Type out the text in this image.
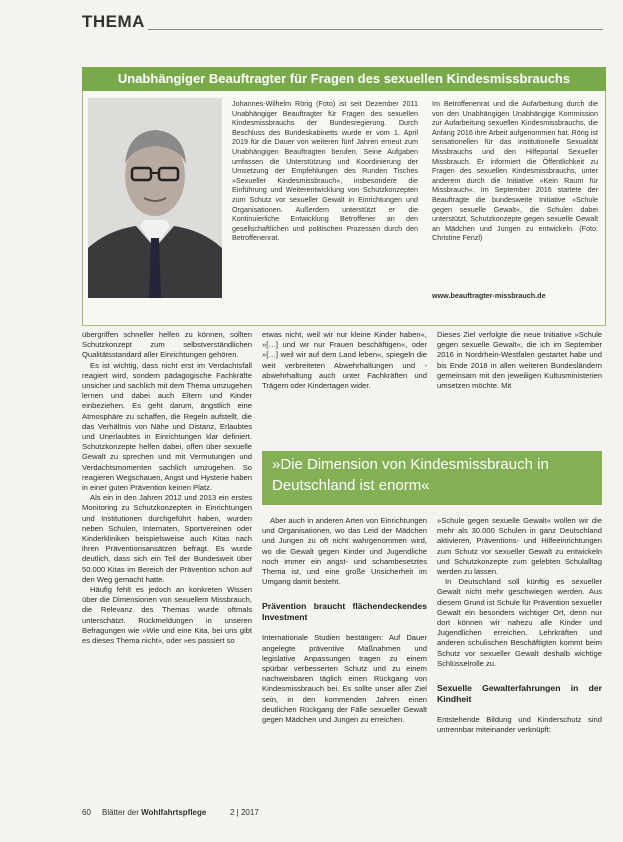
THEMA
Unabhängiger Beauftragter für Fragen des sexuellen Kindesmissbrauchs
Johannes-Wilhelm Rörig (Foto) ist seit Dezember 2011 Unabhängiger Beauftragter für Fragen des sexuellen Kindesmissbrauchs der Bundesregierung. Durch Beschluss des Bundeskabinetts wurde er vom 1. April 2019 für die Dauer von weiteren fünf Jahren erneut zum Unabhängigen Beauftragten berufen. Seine Aufgaben umfassen die Unterstützung und Koordinierung der Umsetzung der Empfehlungen des Runden Tisches »Sexueller Kindesmissbrauch«, insbesondere die Einführung und Weiterentwicklung von Schutzkonzepten zum Schutz vor sexueller Gewalt in Einrichtungen und Organisationen. Außerdem unterstützt er die Kontinuierliche Entwicklung Betroffener an den gesellschaftlichen und politischen Prozessen durch den Betroffenenrat.
Im Betroffenenrat und die Aufarbeitung durch die von den Unabhängigen Unabhängige Kommission zur Aufarbeitung sexuellen Kindesmissbrauchs, die Anfang 2016 ihre Arbeit aufgenommen hat. Rörig ist sensationellen für das institutionelle Sexualität Missbrauchs und den Hilfeportal Sexueller Missbrauch. Er informiert die Öffentlichkeit zu Fragen des sexuellen Kindesmissbrauchs, unter anderem durch die Initiative »Kein Raum für Missbrauch«. Im September 2016 startete der Beauftragte die bundesweite Initiative »Schule gegen sexuelle Gewalt«, die Schulen dabei unterstützt, Schutzkonzepte gegen sexuelle Gewalt an Mädchen und Jungen zu entwickeln. (Foto: Christine Fenzl)
www.beauftragter-missbrauch.de

übergriffen schneller helfen zu können, sollten Schutzkonzept zum selbstverständlichen Qualitätsstandard aller Einrichtungen gehören.

Es ist wichtig, dass nicht erst im Verdachtsfall reagiert wird, sondern pädagogische Fachkräfte unsicher und sachlich mit dem Thema umzugehen lernen und dabei auch Eltern und Kinder einbeziehen. Es geht darum, ängstlich eine Atmosphäre zu schaffen, die Regeln aufstellt, die das Verhältnis von Nähe und Distanz, Erlaubtes und Unerlaubtes in Einrichtungen klar definiert. Schutzkonzepte helfen dabei, offen über sexuelle Gewalt zu sprechen und mit Vermutungen und Verdachtsmomenten sachlich umzugehen. So reagieren Wegschauen, Angst und Hysterie haben in einer guten Prävention keinen Platz.

Als ein in den Jahren 2012 und 2013 ein erstes Monitoring zu Schutzkonzepten in Einrichtungen und Institutionen durchgeführt haben, wurden neben Schulen, Internaten, Sportvereinen oder Kinderkliniken beispielsweise auch Kitas nach ihren Präventionsansätzen befragt. Es wurde deutlich, dass sich ein Teil der Bundesweit über 50.000 Kitas im Bereich der Prävention schon auf den Weg gemacht hatte.

Häufig fehlt es jedoch an konkreten Wissen über die Dimensionen von sexuellem Missbrauch, die Relevanz des Themas wurde oftmals unterschätzt. Rückmeldungen in unseren Befragungen wie »Wie und eine Kita, bei uns gibt es dieses Thema nicht«, oder »es passiert so

etwas nicht, weil wir nur kleine Kinder haben«, »[…] und wir nur Frauen beschäftigen«, oder »[…] weil wir auf dem Land leben«, spiegeln die weit verbreiteten Abwehrhaltungen und -abwehrhaltung auch unter Fachkräften und Trägern oder Kindertagen wider.
Dieses Ziel verfolgte die neue Initiative »Schule gegen sexuelle Gewalt«, die ich im September 2016 in Nordrhein-Westfalen gestartet habe und bis Ende 2018 in allen weiteren Bundesländern gemeinsam mit den jeweiligen Kultusministerien umsetzen möchte. Mit
»Die Dimension von Kindesmissbrauch in Deutschland ist enorm«

Aber auch in anderen Arten von Einrichtungen und Organisationen, wo das Leid der Mädchen und Jungen zu oft nicht wahrgenommen wird, wo die Gewalt gegen Kinder und Jugendliche noch immer ein angst- und schambesetztes Thema ist, und eine große Unsicherheit im Umgang damit besteht.

Prävention braucht flächendeckendes Investment

Internationale Studien bestätigen: Auf Dauer angelegte präventive Maßnahmen und legislative Anpassungen tragen zu einem spürbar verbesserten Schutz und zu einem nachweisbaren täglich einen Rückgang von Kindesmissbrauch bei. Es sollte unser aller Ziel sein, in den kommenden Jahren einen deutlichen Rückgang der Fälle sexueller Gewalt gegen Mädchen und Jungen zu erreichen.

»Schule gegen sexuelle Gewalt« wollen wir die mehr als 30.000 Schulen in ganz Deutschland aktivieren, Präventions- und Hilfeeinrichtungen zum Schutz vor sexueller Gewalt zu entwickeln und Schutzkonzepte zum gelebten Schulalltag werden zu lassen.

In Deutschland soll künftig es sexueller Gewalt nicht mehr geschwiegen werden. Aus diesem Grund ist Schule für Prävention sexueller Gewalt ein besonders wichtiger Ort, denn nur dort können wir nahezu alle Kinder und Jugendlichen erreichen. Lehrkräften und anderen schulischen Beschäftigten kommt beim Schutz vor sexueller Gewalt deshalb wichtige Schlüsselrolle zu.

Sexuelle Gewalterfahrungen in der Kindheit

Entstehende Bildung und Kinderschutz sind untrennbar miteinander verknüpft:

60 Blätter der Wohlfahrtspflege	2 | 2017
